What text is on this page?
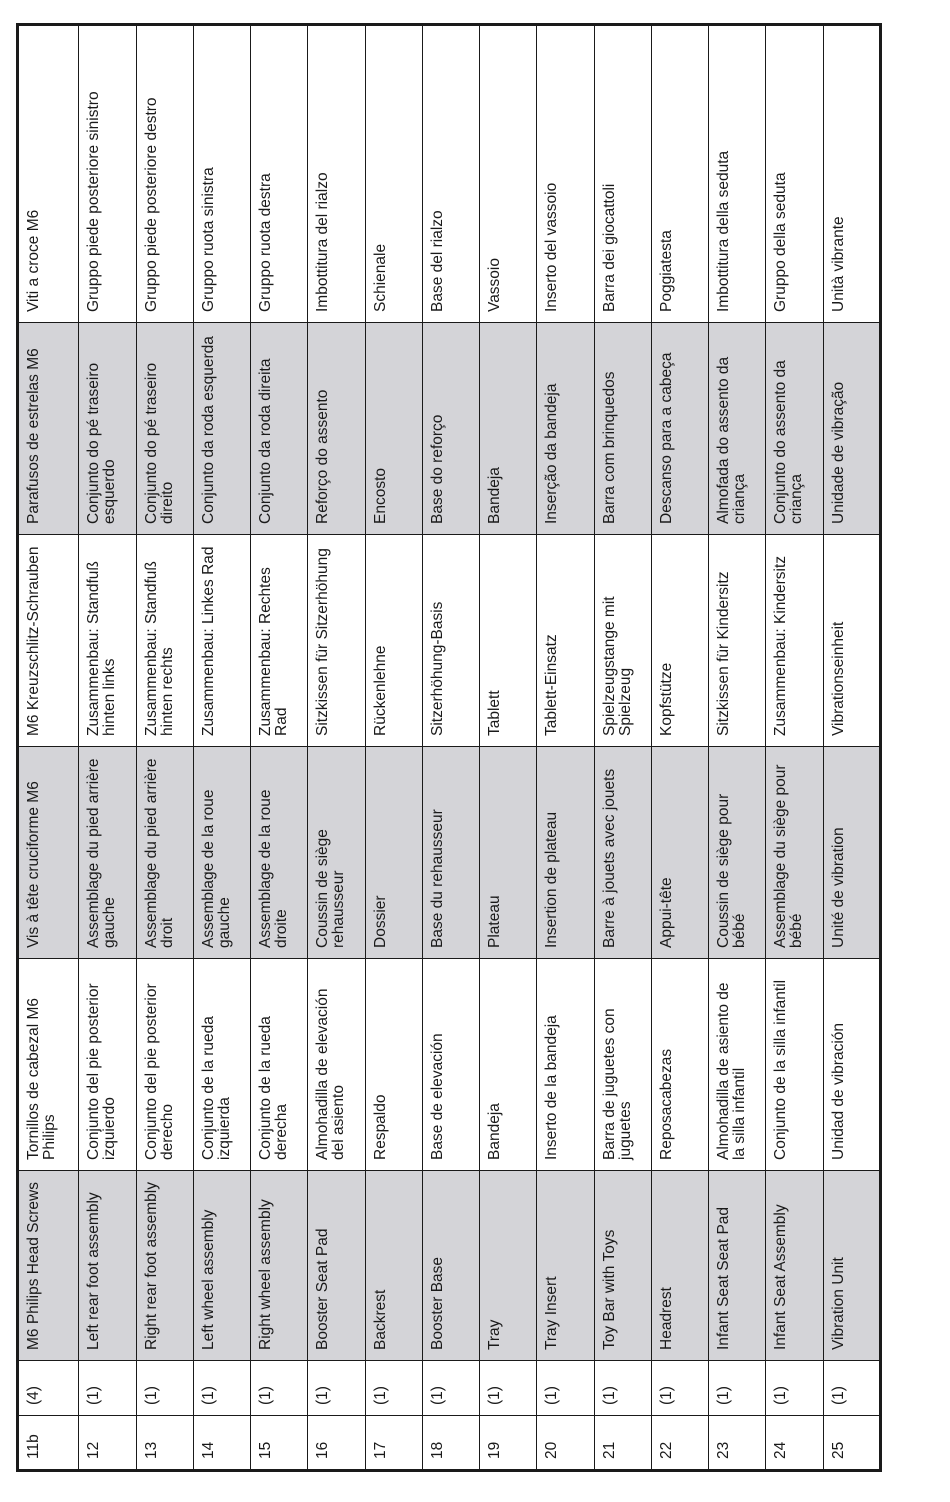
11b	(4)	M6 Philips Head Screws	Tornillos de cabezal M6 Philips	Vis à tête cruciforme M6	M6 Kreuzschlitz-Schrauben	Parafusos de estrelas M6	Viti a croce M6
12	(1)	Left rear foot assembly	Conjunto del pie posterior izquierdo	Assemblage du pied arrière gauche	Zusammenbau: Standfuß hinten links	Conjunto do pé traseiro esquerdo	Gruppo piede posteriore sinistro
13	(1)	Right rear foot assembly	Conjunto del pie posterior derecho	Assemblage du pied arrière droit	Zusammenbau: Standfuß hinten rechts	Conjunto do pé traseiro direito	Gruppo piede posteriore destro
14	(1)	Left wheel assembly	Conjunto de la rueda izquierda	Assemblage de la roue gauche	Zusammenbau: Linkes Rad	Conjunto da roda esquerda	Gruppo ruota sinistra
15	(1)	Right wheel assembly	Conjunto de la rueda derecha	Assemblage de la roue droite	Zusammenbau: Rechtes Rad	Conjunto da roda direita	Gruppo ruota destra
16	(1)	Booster Seat Pad	Almohadilla de elevación del asiento	Coussin de siège rehausseur	Sitzkissen für Sitzerhöhung	Reforço do assento	Imbottitura del rialzo
17	(1)	Backrest	Respaldo	Dossier	Rückenlehne	Encosto	Schienale
18	(1)	Booster Base	Base de elevación	Base du rehausseur	Sitzerhöhung-Basis	Base do reforço	Base del rialzo
19	(1)	Tray	Bandeja	Plateau	Tablett	Bandeja	Vassoio
20	(1)	Tray Insert	Inserto de la bandeja	Insertion de plateau	Tablett-Einsatz	Inserção da bandeja	Inserto del vassoio
21	(1)	Toy Bar with Toys	Barra de juguetes con juguetes	Barre à jouets avec jouets	Spielzeugstange mit Spielzeug	Barra com brinquedos	Barra dei giocattoli
22	(1)	Headrest	Reposacabezas	Appui-tête	Kopfstütze	Descanso para a cabeça	Poggiatesta
23	(1)	Infant Seat Seat Pad	Almohadilla de asiento de la silla infantil	Coussin de siège pour bébé	Sitzkissen für Kindersitz	Almofada do assento da criança	Imbottitura della seduta
24	(1)	Infant Seat Assembly	Conjunto de la silla infantil	Assemblage du siège pour bébé	Zusammenbau: Kindersitz	Conjunto do assento da criança	Gruppo della seduta
25	(1)	Vibration Unit	Unidad de vibración	Unité de vibration	Vibrationseinheit	Unidade de vibração	Unità vibrante
